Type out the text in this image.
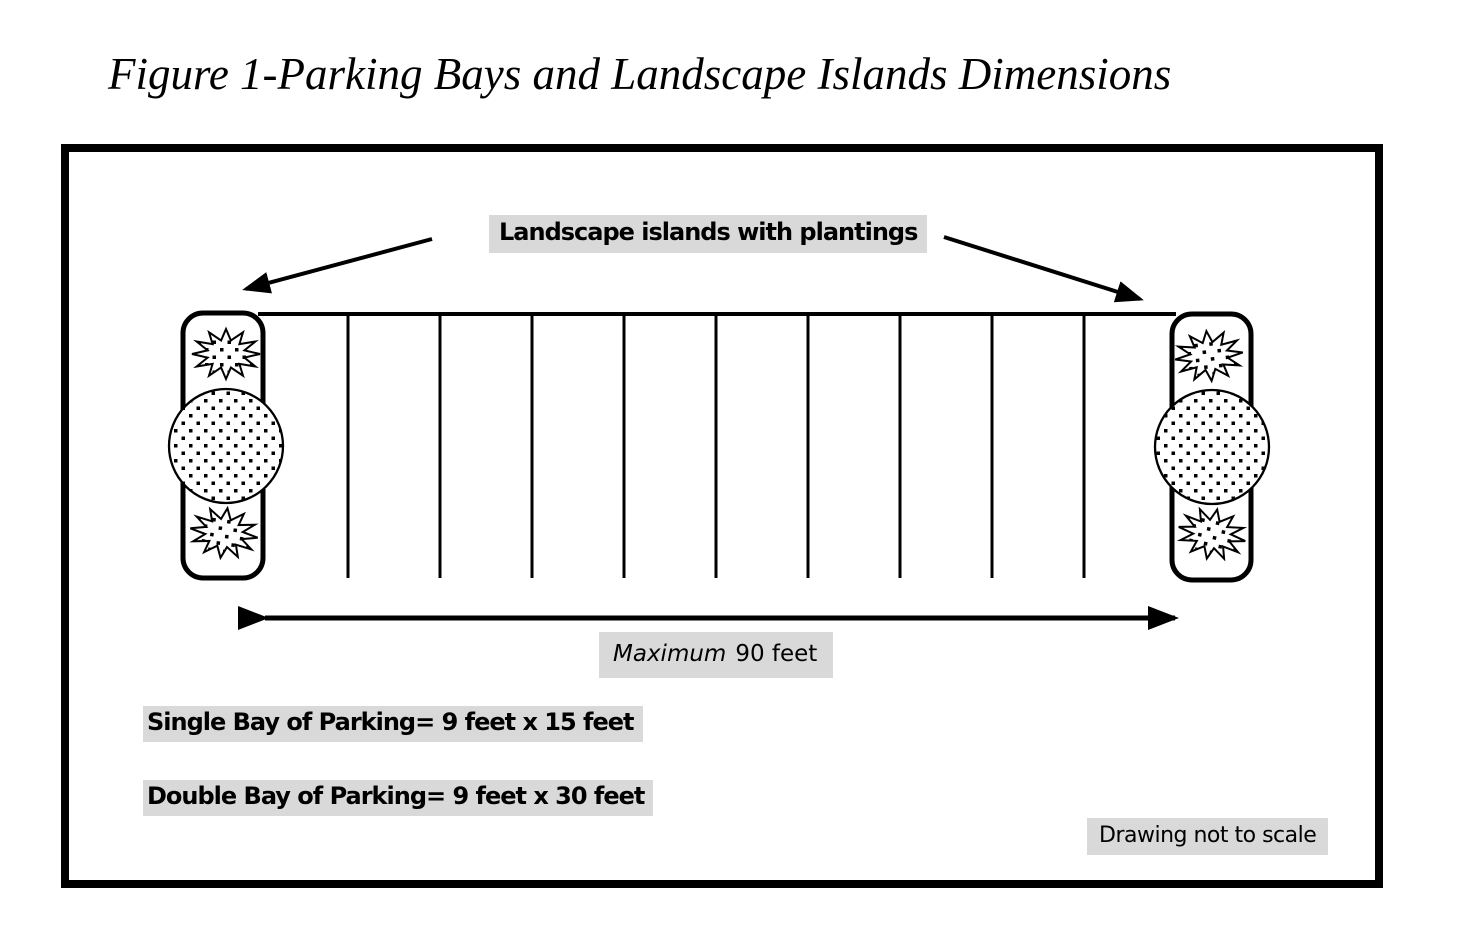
Figure 1-Parking Bays and Landscape Islands Dimensions
Landscape islands with plantings
Maximum 90 feet
Single Bay of Parking= 9 feet x 15 feet
Double Bay of Parking= 9 feet x 30 feet
Drawing not to scale
